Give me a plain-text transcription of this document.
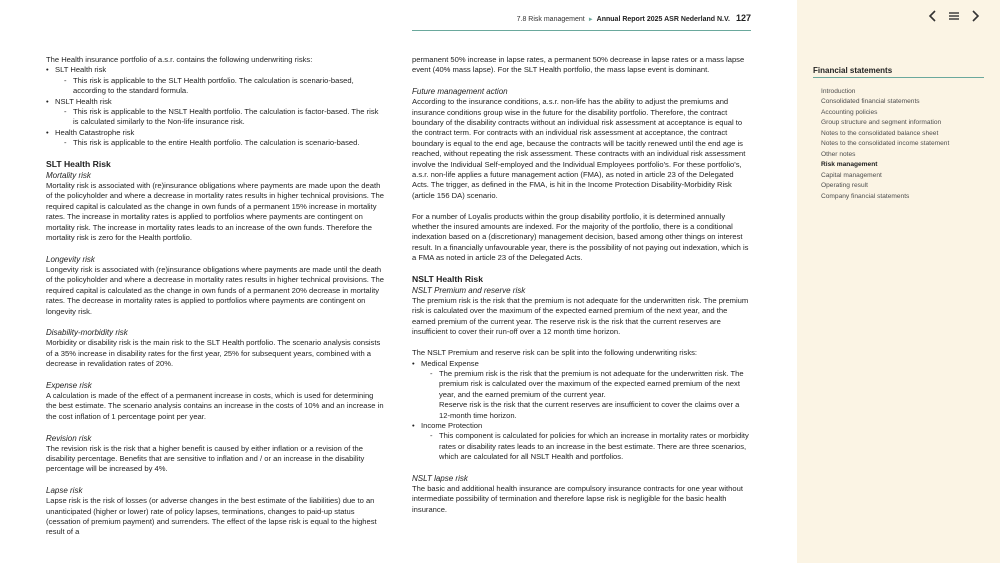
7.8 Risk management ► Annual Report 2025 ASR Nederland N.V. 127

The Health insurance portfolio of a.s.r. contains the following underwriting risks:

• SLT Health risk
- This risk is applicable to the SLT Health portfolio. The calculation is scenario-based, according to the standard formula.
• NSLT Health risk
- This risk is applicable to the NSLT Health portfolio. The calculation is factor-based. The risk is calculated similarly to the Non-life insurance risk.
• Health Catastrophe risk
- This risk is applicable to the entire Health portfolio. The calculation is scenario-based.

SLT Health Risk

Mortality risk

Mortality risk is associated with (re)insurance obligations where payments are made upon the death of the policyholder and where a decrease in mortality rates results in higher technical provisions. The required capital is calculated as the change in own funds of a permanent 15% increase in mortality rates. The increase in mortality rates is applied to portfolios where payments are contingent on mortality risk. The increase in mortality rates leads to an increase of the own funds. Therefore the mortality risk is zero for the Health portfolio.

Longevity risk

Longevity risk is associated with (re)insurance obligations where payments are made until the death of the policyholder and where a decrease in mortality rates results in higher technical provisions. The required capital is calculated as the change in own funds of a permanent 20% decrease in mortality rates. The decrease in mortality rates is applied to portfolios where payments are contingent on longevity risk.

Disability-morbidity risk

Morbidity or disability risk is the main risk to the SLT Health portfolio. The scenario analysis consists of a 35% increase in disability rates for the first year, 25% for subsequent years, combined with a decrease in revalidation rates of 20%.

Expense risk

A calculation is made of the effect of a permanent increase in costs, which is used for determining the best estimate. The scenario analysis contains an increase in the costs of 10% and an increase in the cost inflation of 1 percentage point per year.

Revision risk

The revision risk is the risk that a higher benefit is caused by either inflation or a revision of the disability percentage. Benefits that are sensitive to inflation and / or an increase in the disability percentage will be increased by 4%.

Lapse risk

Lapse risk is the risk of losses (or adverse changes in the best estimate of the liabilities) due to an unanticipated (higher or lower) rate of policy lapses, terminations, changes to paid-up status (cessation of premium payment) and surrenders. The effect of the lapse risk is equal to the highest result of a

permanent 50% increase in lapse rates, a permanent 50% decrease in lapse rates or a mass lapse event (40% mass lapse). For the SLT Health portfolio, the mass lapse event is dominant.

Future management action

According to the insurance conditions, a.s.r. non-life has the ability to adjust the premiums and insurance conditions group wise in the future for the disability portfolio. Therefore, the contract boundary of the disability contracts without an individual risk assessment at acceptance is equal to the contract term. For contracts with an individual risk assessment at acceptance, the contract boundary is equal to the end age, because the contracts will be tacitly renewed until the end age is reached, without repeating the risk assessment. These contracts with an individual risk assessment involve the Individual Self-employed and the Individual Employees portfolio's. For these portfolio's, a.s.r. non-life applies a future management action (FMA), as noted in article 23 of the Delegated Acts. The trigger, as defined in the FMA, is hit in the Income Protection Disability-Morbidity Risk (article 156 DA) scenario.

For a number of Loyalis products within the group disability portfolio, it is determined annually whether the insured amounts are indexed. For the majority of the portfolio, there is a conditional indexation based on a (discretionary) management decision, based among other things on interest result. In a financially unfavourable year, there is the possibility of not paying out indexation, which is a FMA as noted in article 23 of the Delegated Acts.

NSLT Health Risk

NSLT Premium and reserve risk

The premium risk is the risk that the premium is not adequate for the underwritten risk. The premium risk is calculated over the maximum of the expected earned premium of the next year, and the earned premium of the current year. The reserve risk is the risk that the current reserves are insufficient to cover their run-off over a 12 month time horizon.

The NSLT Premium and reserve risk can be split into the following underwriting risks:

• Medical Expense
- The premium risk is the risk that the premium is not adequate for the underwritten risk. The premium risk is calculated over the maximum of the expected earned premium of the next year, and the earned premium of the current year.
Reserve risk is the risk that the current reserves are insufficient to cover the claims over a 12-month time horizon.
• Income Protection
- This component is calculated for policies for which an increase in mortality rates or morbidity rates or disability rates leads to an increase in the best estimate. There are three scenarios, which are calculated for all NSLT Health and portfolios.

NSLT lapse risk

The basic and additional health insurance are compulsory insurance contracts for one year without intermediate possibility of termination and therefore lapse risk is negligible for the basic health insurance.

Financial statements
Introduction
Consolidated financial statements
Accounting policies
Group structure and segment information
Notes to the consolidated balance sheet
Notes to the consolidated income statement
Other notes
Risk management
Capital management
Operating result
Company financial statements
